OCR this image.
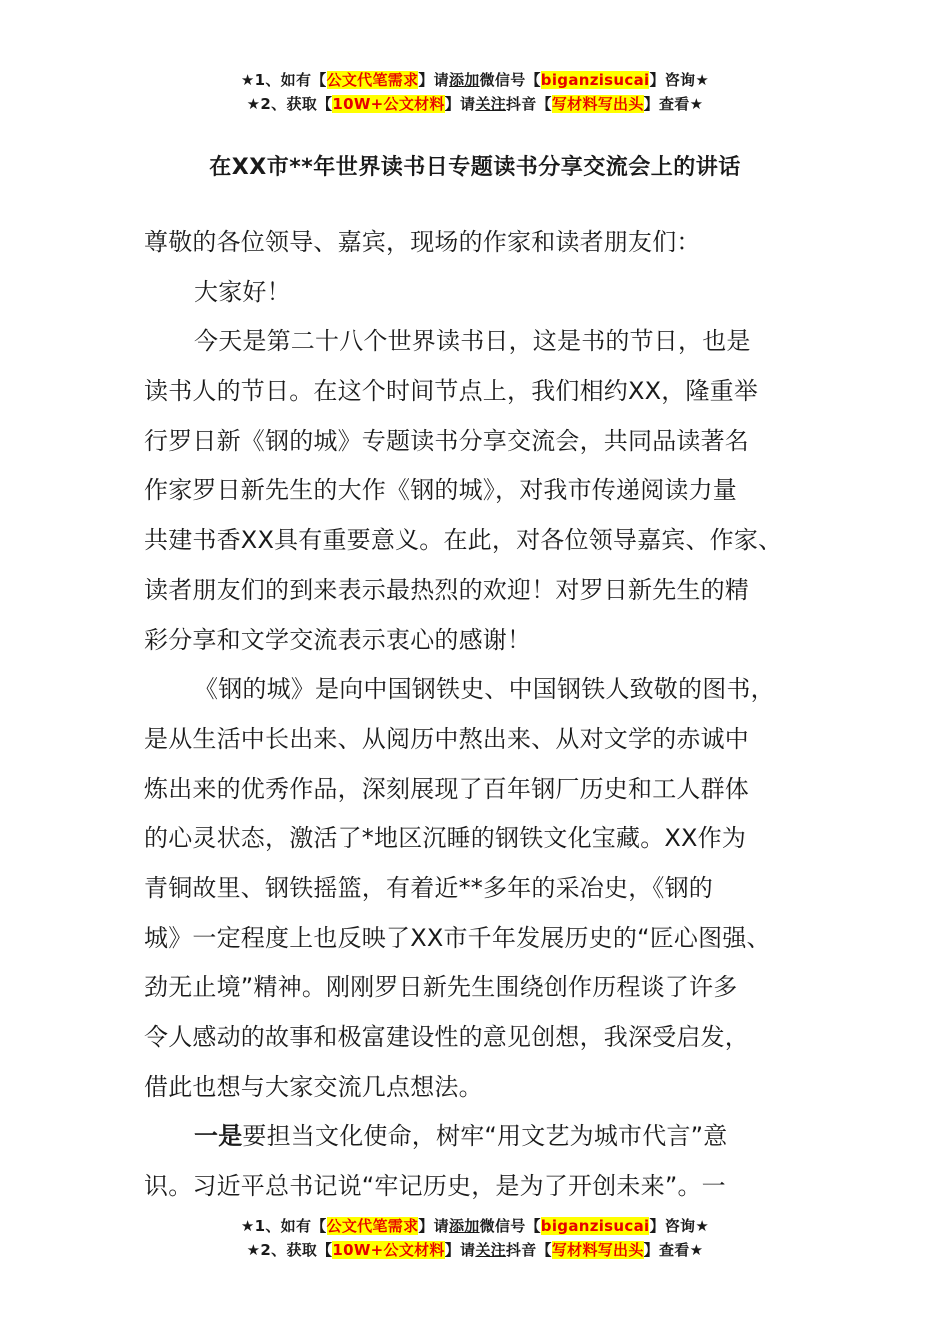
★1、如有【公文代笔需求】请添加微信号【biganzisucai】咨询★
★2、获取【10W+公文材料】请关注抖音【写材料写出头】查看★
在XX市**年世界读书日专题读书分享交流会上的讲话
尊敬的各位领导、嘉宾，现场的作家和读者朋友们：
大家好！
今天是第二十八个世界读书日，这是书的节日，也是
读书人的节日。在这个时间节点上，我们相约XX，隆重举
行罗日新《钢的城》专题读书分享交流会，共同品读著名
作家罗日新先生的大作《钢的城》，对我市传递阅读力量
共建书香XX具有重要意义。在此，对各位领导嘉宾、作家、
读者朋友们的到来表示最热烈的欢迎！对罗日新先生的精
彩分享和文学交流表示衷心的感谢！
《钢的城》是向中国钢铁史、中国钢铁人致敬的图书，
是从生活中长出来、从阅历中熬出来、从对文学的赤诚中
炼出来的优秀作品，深刻展现了百年钢厂历史和工人群体
的心灵状态，激活了*地区沉睡的钢铁文化宝藏。XX作为
青铜故里、钢铁摇篮，有着近**多年的采冶史，《钢的
城》一定程度上也反映了XX市千年发展历史的“匠心图强、
劲无止境”精神。刚刚罗日新先生围绕创作历程谈了许多
令人感动的故事和极富建设性的意见创想，我深受启发，
借此也想与大家交流几点想法。
一是要担当文化使命，树牢“用文艺为城市代言”意
识。习近平总书记说“牢记历史，是为了开创未来”。一
★1、如有【公文代笔需求】请添加微信号【biganzisucai】咨询★
★2、获取【10W+公文材料】请关注抖音【写材料写出头】查看★
